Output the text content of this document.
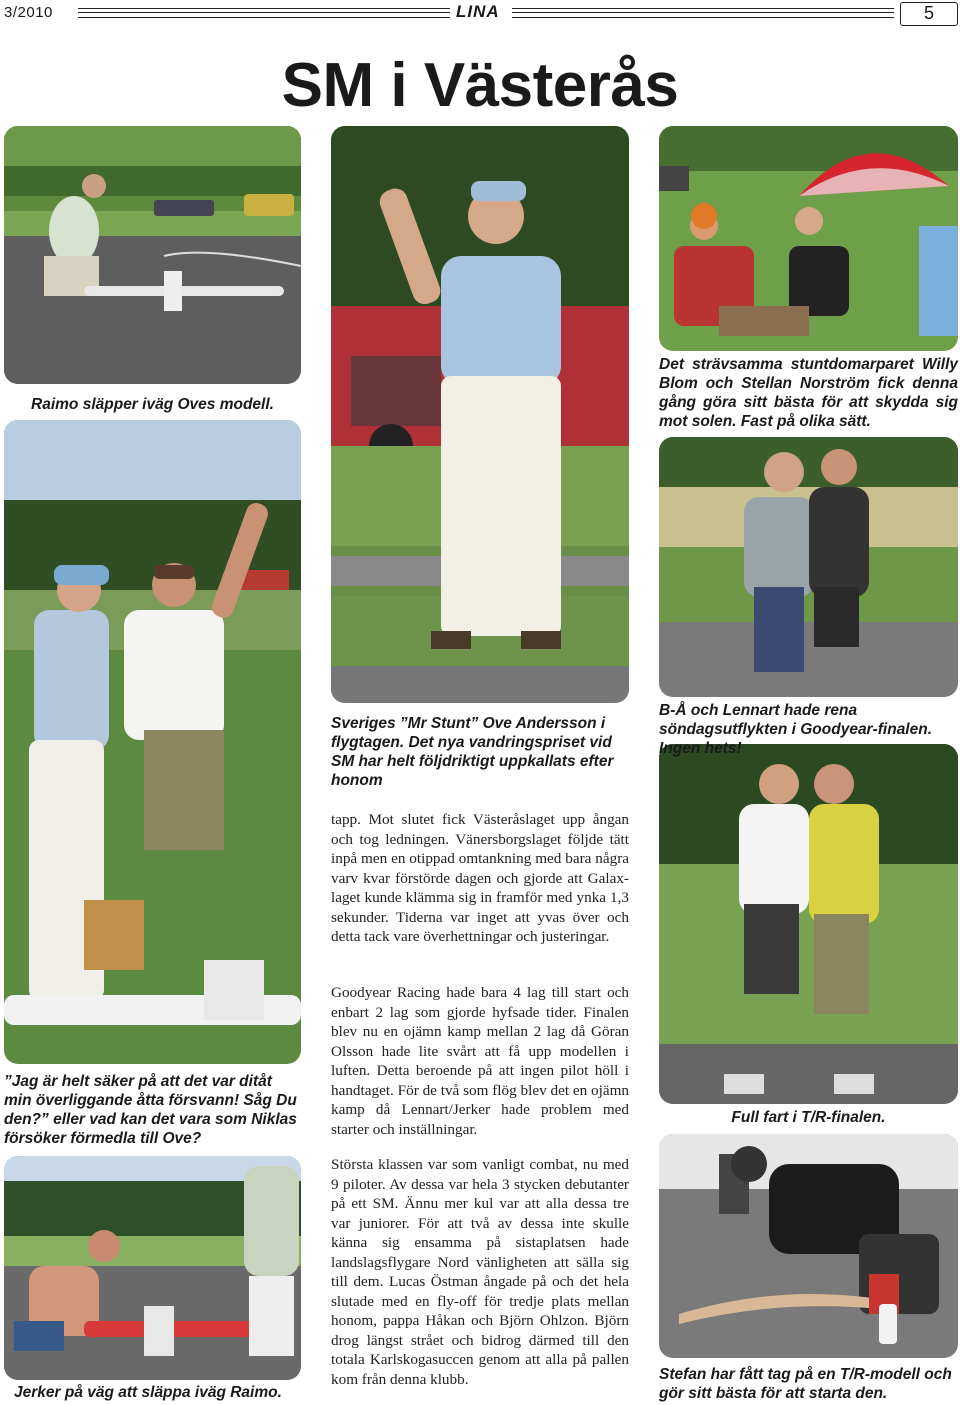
3/2010	LINA	5
SM i Västerås
Raimo släpper iväg Oves modell.
Det strävsamma stuntdomarparet Willy Blom och Stellan Norström fick denna gång göra sitt bästa för att skydda sig mot solen. Fast på olika sätt.
Sveriges ”Mr Stunt” Ove Andersson i flygtagen. Det nya vandringspriset vid SM har helt följdriktigt uppkallats efter honom
B-Å och Lennart hade rena söndagsutflykten i Goodyear-finalen. Ingen hets!
”Jag är helt säker på att det var ditåt min överliggande åtta försvann! Såg Du den?” eller vad kan det vara som Niklas försöker förmedla till Ove?
Full fart i T/R-finalen.
Jerker på väg att släppa iväg Raimo.
Stefan har fått tag på en T/R-modell och gör sitt bästa för att starta den.

tapp. Mot slutet fick Västeråslaget upp ångan och tog ledningen. Vänersborgslaget följde tätt inpå men en otippad omtankning med bara några varv kvar förstörde dagen och gjorde att Galax-laget kunde klämma sig in framför med ynka 1,3 sekunder. Tiderna var inget att yvas över och detta tack vare överhettningar och justeringar.

Goodyear Racing hade bara 4 lag till start och enbart 2 lag som gjorde hyfsade tider. Finalen blev nu en ojämn kamp mellan 2 lag då Göran Olsson hade lite svårt att få upp modellen i luften. Detta beroende på att ingen pilot höll i handtaget. För de två som flög blev det en ojämn kamp då Lennart/Jerker hade problem med starter och inställningar.

Största klassen var som vanligt combat, nu med 9 piloter. Av dessa var hela 3 stycken debutanter på ett SM. Ännu mer kul var att alla dessa tre var juniorer. För att två av dessa inte skulle känna sig ensamma på sistaplatsen hade landslagsflygare Nord vänligheten att sälla sig till dem. Lucas Östman ångade på och det hela slutade med en fly-off för tredje plats mellan honom, pappa Håkan och Björn Ohlzon. Björn drog längst strået och bidrog därmed till den totala Karlskogasuccen genom att alla på pallen kom från denna klubb.
